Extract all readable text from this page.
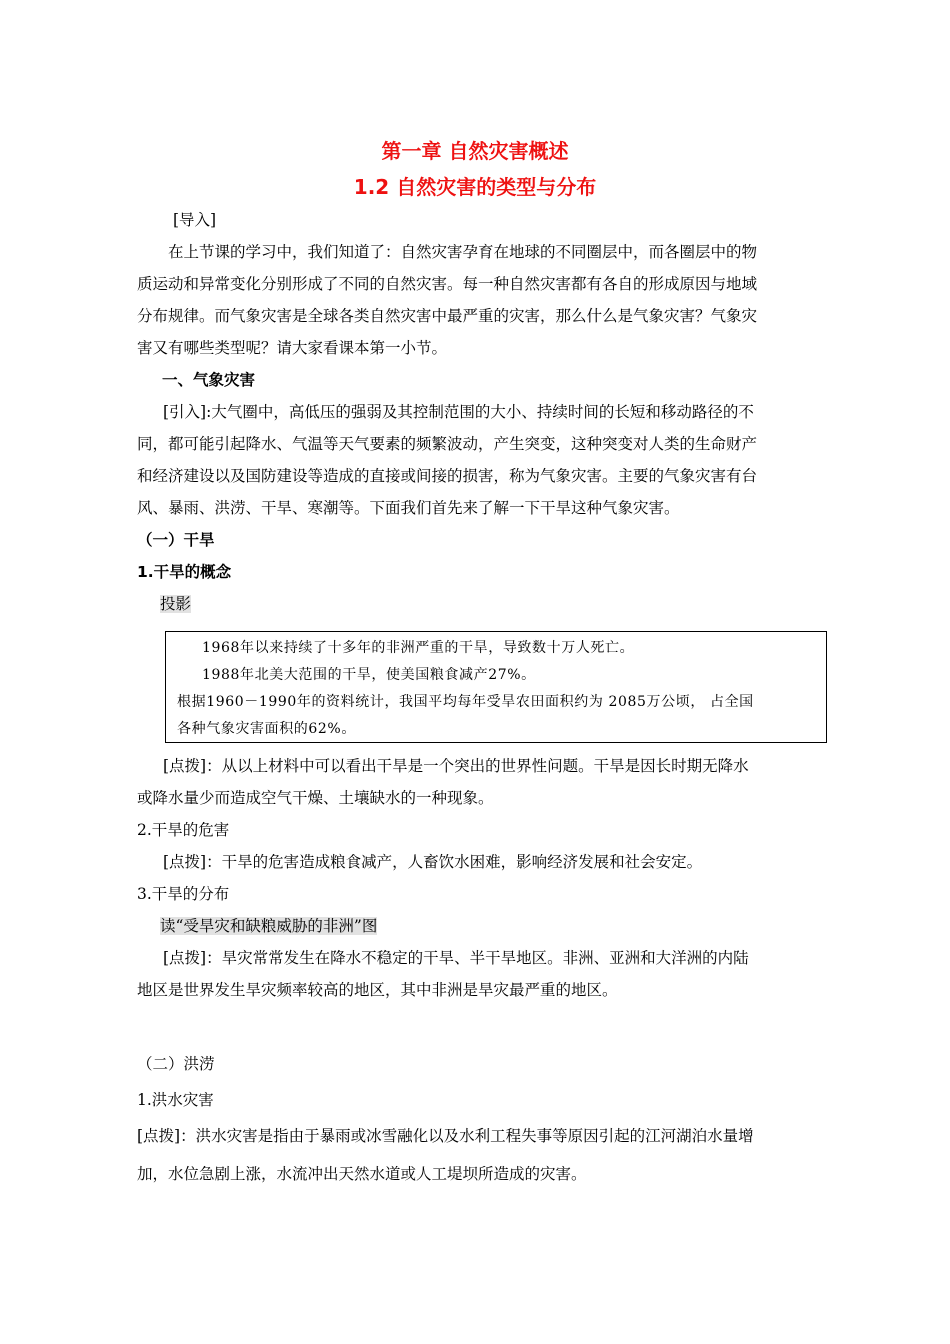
第一章 自然灾害概述
1.2 自然灾害的类型与分布

[导入]

在上节课的学习中，我们知道了：自然灾害孕育在地球的不同圈层中，而各圈层中的物

质运动和异常变化分别形成了不同的自然灾害。每一种自然灾害都有各自的形成原因与地域

分布规律。而气象灾害是全球各类自然灾害中最严重的灾害，那么什么是气象灾害？气象灾

害又有哪些类型呢？请大家看课本第一小节。

一、气象灾害

[引入]:大气圈中，高低压的强弱及其控制范围的大小、持续时间的长短和移动路径的不

同，都可能引起降水、气温等天气要素的频繁波动，产生突变，这种突变对人类的生命财产

和经济建设以及国防建设等造成的直接或间接的损害，称为气象灾害。主要的气象灾害有台

风、暴雨、洪涝、干旱、寒潮等。下面我们首先来了解一下干旱这种气象灾害。

（一）干旱

1.干旱的概念

投影

1968年以来持续了十多年的非洲严重的干旱，导致数十万人死亡。

1988年北美大范围的干旱，使美国粮食减产27%。

根据1960－1990年的资料统计，我国平均每年受旱农田面积约为 2085万公顷， 占全国

各种气象灾害面积的62%。

[点拨]：从以上材料中可以看出干旱是一个突出的世界性问题。干旱是因长时期无降水

或降水量少而造成空气干燥、土壤缺水的一种现象。

2.干旱的危害

[点拨]：干旱的危害造成粮食减产，人畜饮水困难，影响经济发展和社会安定。

3.干旱的分布

读“受旱灾和缺粮威胁的非洲”图

[点拨]：旱灾常常发生在降水不稳定的干旱、半干旱地区。非洲、亚洲和大洋洲的内陆

地区是世界发生旱灾频率较高的地区，其中非洲是旱灾最严重的地区。

（二）洪涝

1.洪水灾害

[点拨]：洪水灾害是指由于暴雨或冰雪融化以及水利工程失事等原因引起的江河湖泊水量增

加，水位急剧上涨，水流冲出天然水道或人工堤坝所造成的灾害。
